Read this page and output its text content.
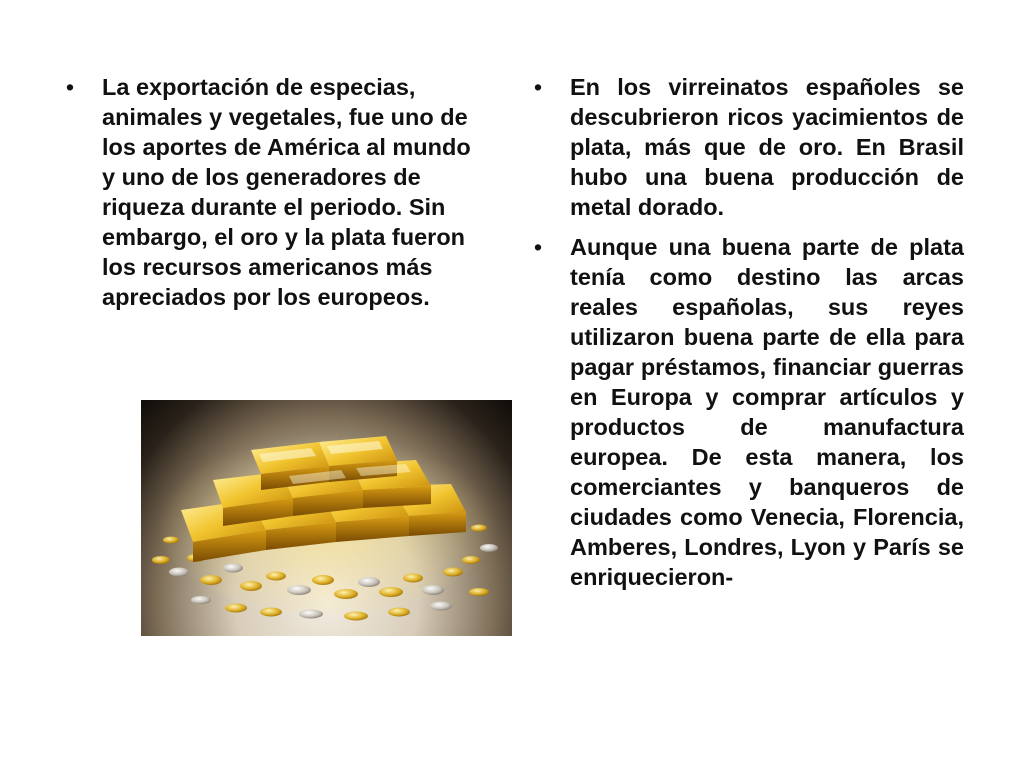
• La exportación de especias, animales y vegetales, fue uno de los aportes de América al mundo y uno de los generadores de riqueza durante el periodo. Sin embargo, el oro y la plata fueron los recursos americanos más apreciados por los europeos.
• En los virreinatos españoles se descubrieron ricos yacimientos de plata, más que de oro. En Brasil hubo una buena producción de metal dorado.
• Aunque una buena parte de plata tenía como destino las arcas reales españolas, sus reyes utilizaron buena parte de ella para pagar préstamos, financiar guerras en Europa y comprar artículos y productos de manufactura europea. De esta manera, los comerciantes y banqueros de ciudades como Venecia, Florencia, Amberes, Londres, Lyon y París se enriquecieron-
